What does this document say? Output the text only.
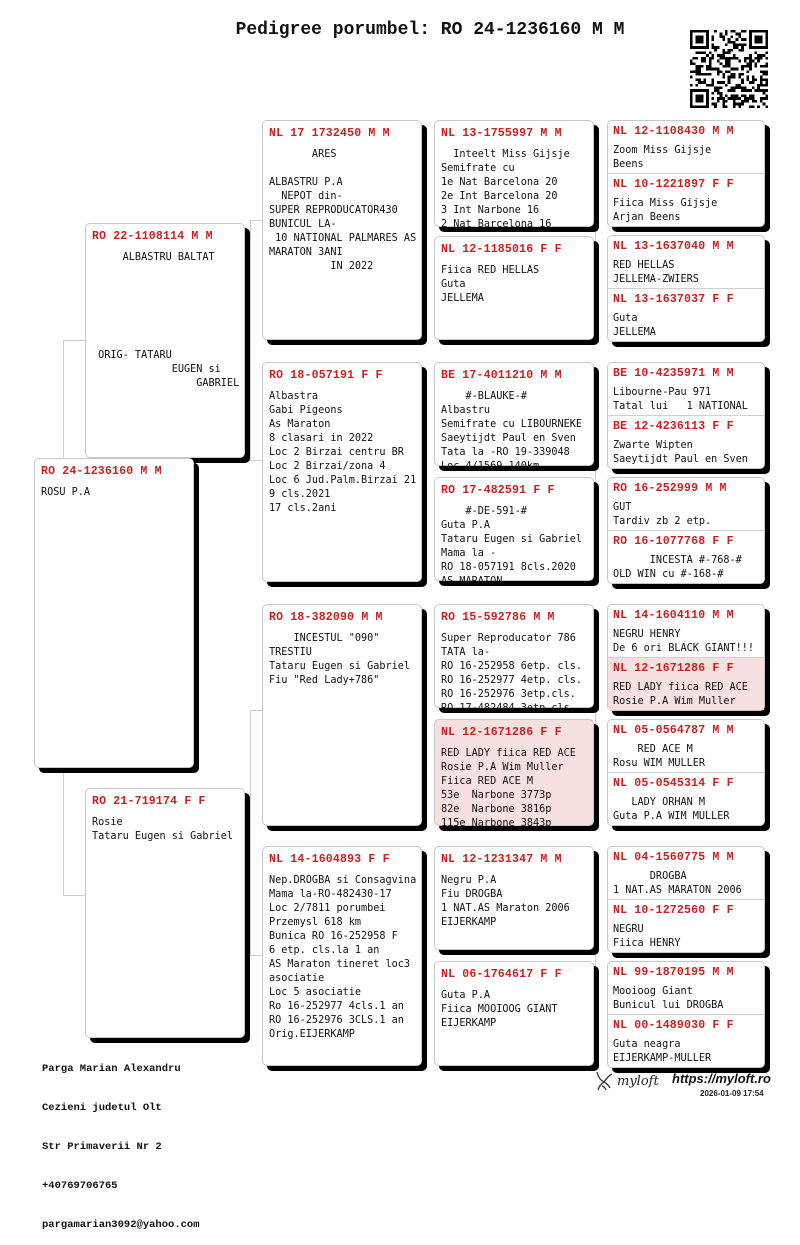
Pedigree porumbel: RO 24-1236160 M M
RO 22-1108114 M M
ALBASTRU BALTAT

ORIG- TATARU
EUGEN si
GABRIEL
RO 24-1236160 M M
ROSU P.A
RO 21-719174 F F
Rosie
Tataru Eugen si Gabriel
NL 17 1732450 M M
ARES

ALBASTRU P.A
NEPOT din-
SUPER REPRODUCATOR430
BUNICUL LA-
10 NATIONAL PALMARES AS
MARATON 3ANI
IN 2022
RO 18-057191 F F
Albastra
Gabi Pigeons
As Maraton
8 clasari in 2022
Loc 2 Birzai centru BR
Loc 2 Birzai/zona 4
Loc 6 Jud.Palm.Birzai 21
9 cls.2021
17 cls.2ani
RO 18-382090 M M
INCESTUL "090"
TRESTIU
Tataru Eugen si Gabriel
Fiu "Red Lady+786"
NL 14-1604893 F F
Nep.DROGBA si Consagvina
Mama la-RO-482430-17
Loc 2/7811 porumbei
Przemysl 618 km
Bunica RO 16-252958 F
6 etp. cls.la 1 an
AS Maraton tineret loc3
asociatie
Loc 5 asociatie
Ro 16-252977 4cls.1 an
RO 16-252976 3CLS.1 an
Orig.EIJERKAMP
NL 13-1755997 M M
Inteelt Miss Gijsje
Semifrate cu
1e Nat Barcelona 20
2e Int Barcelona 20
3 Int Narbone 16
2 Nat Barcelona 16
NL 12-1185016 F F
Fiica RED HELLAS
Guta
JELLEMA
BE 17-4011210 M M
#-BLAUKE-#
Albastru
Semifrate cu LIBOURNEKE
Saeytijdt Paul en Sven
Tata la -RO 19-339048
Loc 4/1569 140km
RO 17-482591 F F
#-DE-591-#
Guta P.A
Tataru Eugen si Gabriel
Mama la -
RO 18-057191 8cls.2020
AS MARATON
RO 15-592786 M M
Super Reproducator 786
TATA la-
RO 16-252958 6etp. cls.
RO 16-252977 4etp. cls.
RO 16-252976 3etp.cls.
RO 17-482484 3etp.cls.
NL 12-1671286 F F
RED LADY fiica RED ACE
Rosie P.A Wim Muller
Fiica RED ACE M
53e  Narbone 3773p
82e  Narbone 3816p
115e Narbone 3843p
NL 12-1231347 M M
Negru P.A
Fiu DROGBA
1 NAT.AS Maraton 2006
EIJERKAMP
NL 06-1764617 F F
Guta P.A
Fiica MOOIOOG GIANT
EIJERKAMP
NL 12-1108430 M M
Zoom Miss Gijsje
Beens
NL 10-1221897 F F
Fiica Miss Gijsje
Arjan Beens
NL 13-1637040 M M
RED HELLAS
JELLEMA-ZWIERS
NL 13-1637037 F F
Guta
JELLEMA
BE 10-4235971 M M
Libourne-Pau 971
Tatal lui   1 NATIONAL
BE 12-4236113 F F
Zwarte Wipten
Saeytijdt Paul en Sven
RO 16-252999 M M
GUT
Tardiv zb 2 etp.
RO 16-1077768 F F
INCESTA #-768-#
OLD WIN cu #-168-#
NL 14-1604110 M M
NEGRU HENRY
De 6 ori BLACK GIANT!!!
NL 12-1671286 F F
RED LADY fiica RED ACE
Rosie P.A Wim Muller
NL 05-0564787 M M
RED ACE M
Rosu WIM MULLER
NL 05-0545314 F F
LADY ORHAN M
Guta P.A WIM MULLER
NL 04-1560775 M M
DROGBA
1 NAT.AS MARATON 2006
NL 10-1272560 F F
NEGRU
Fiica HENRY
NL 99-1870195 M M
Mooioog Giant
Bunicul lui DROGBA
NL 00-1489030 F F
Guta neagra
EIJERKAMP-MULLER

Parga Marian Alexandru

Cezieni judetul Olt

Str Primaverii Nr 2

+40769706765

pargamarian3092@yahoo.com

myloft https://myloft.ro
2026-01-09 17:54
